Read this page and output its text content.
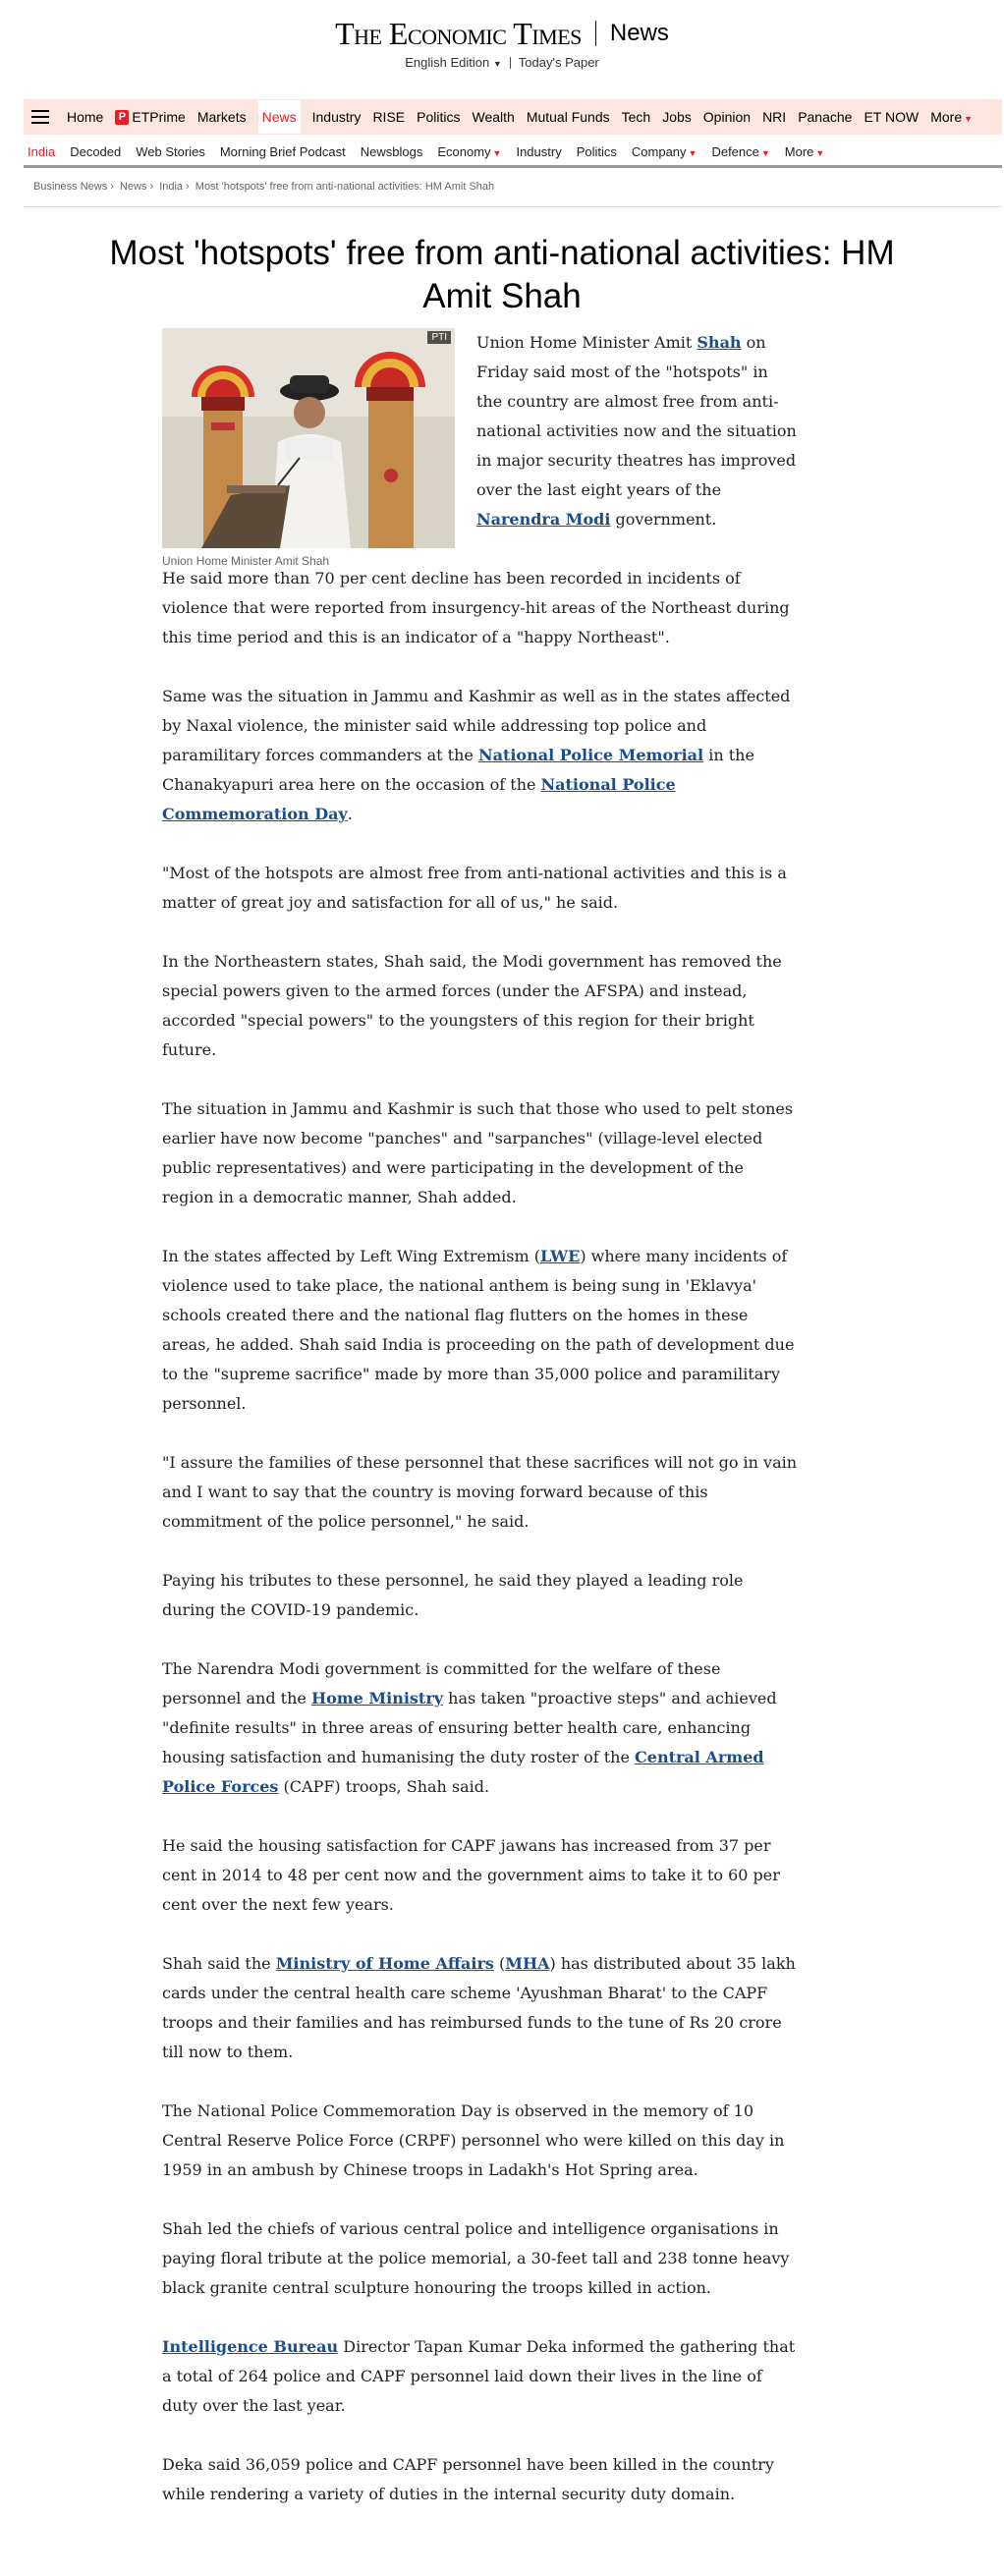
The Economic Times News
English Edition ▼ Today's Paper
Home	P ETPrime Markets News Industry RISE Politics Wealth Mutual Funds Tech Jobs Opinion NRI Panache ET NOW More ▼
India Decoded Web Stories Morning Brief Podcast Newsblogs Economy ▼ Industry Politics Company ▼ Defence ▼ More ▼
Business News › News › India › Most 'hotspots' free from anti-national activities: HM Amit Shah
Most 'hotspots' free from anti-national activities: HM Amit Shah
PTI
Union Home Minister Amit Shah

Union Home Minister Amit Shah on Friday said most of the "hotspots" in the country are almost free from anti-national activities now and the situation in major security theatres has improved over the last eight years of the Narendra Modi government.

He said more than 70 per cent decline has been recorded in incidents of violence that were reported from insurgency-hit areas of the Northeast during this time period and this is an indicator of a "happy Northeast".

Same was the situation in Jammu and Kashmir as well as in the states affected by Naxal violence, the minister said while addressing top police and paramilitary forces commanders at the National Police Memorial in the Chanakyapuri area here on the occasion of the National Police Commemoration Day.

"Most of the hotspots are almost free from anti-national activities and this is a matter of great joy and satisfaction for all of us," he said.

In the Northeastern states, Shah said, the Modi government has removed the special powers given to the armed forces (under the AFSPA) and instead, accorded "special powers" to the youngsters of this region for their bright future.

The situation in Jammu and Kashmir is such that those who used to pelt stones earlier have now become "panches" and "sarpanches" (village-level elected public representatives) and were participating in the development of the region in a democratic manner, Shah added.

In the states affected by Left Wing Extremism (LWE) where many incidents of violence used to take place, the national anthem is being sung in 'Eklavya' schools created there and the national flag flutters on the homes in these areas, he added. Shah said India is proceeding on the path of development due to the "supreme sacrifice" made by more than 35,000 police and paramilitary personnel.

"I assure the families of these personnel that these sacrifices will not go in vain and I want to say that the country is moving forward because of this commitment of the police personnel," he said.

Paying his tributes to these personnel, he said they played a leading role during the COVID-19 pandemic.

The Narendra Modi government is committed for the welfare of these personnel and the Home Ministry has taken "proactive steps" and achieved "definite results" in three areas of ensuring better health care, enhancing housing satisfaction and humanising the duty roster of the Central Armed Police Forces (CAPF) troops, Shah said.

He said the housing satisfaction for CAPF jawans has increased from 37 per cent in 2014 to 48 per cent now and the government aims to take it to 60 per cent over the next few years.

Shah said the Ministry of Home Affairs (MHA) has distributed about 35 lakh cards under the central health care scheme 'Ayushman Bharat' to the CAPF troops and their families and has reimbursed funds to the tune of Rs 20 crore till now to them.

The National Police Commemoration Day is observed in the memory of 10 Central Reserve Police Force (CRPF) personnel who were killed on this day in 1959 in an ambush by Chinese troops in Ladakh's Hot Spring area.

Shah led the chiefs of various central police and intelligence organisations in paying floral tribute at the police memorial, a 30-feet tall and 238 tonne heavy black granite central sculpture honouring the troops killed in action.

Intelligence Bureau Director Tapan Kumar Deka informed the gathering that a total of 264 police and CAPF personnel laid down their lives in the line of duty over the last year.

Deka said 36,059 police and CAPF personnel have been killed in the country while rendering a variety of duties in the internal security duty domain.
